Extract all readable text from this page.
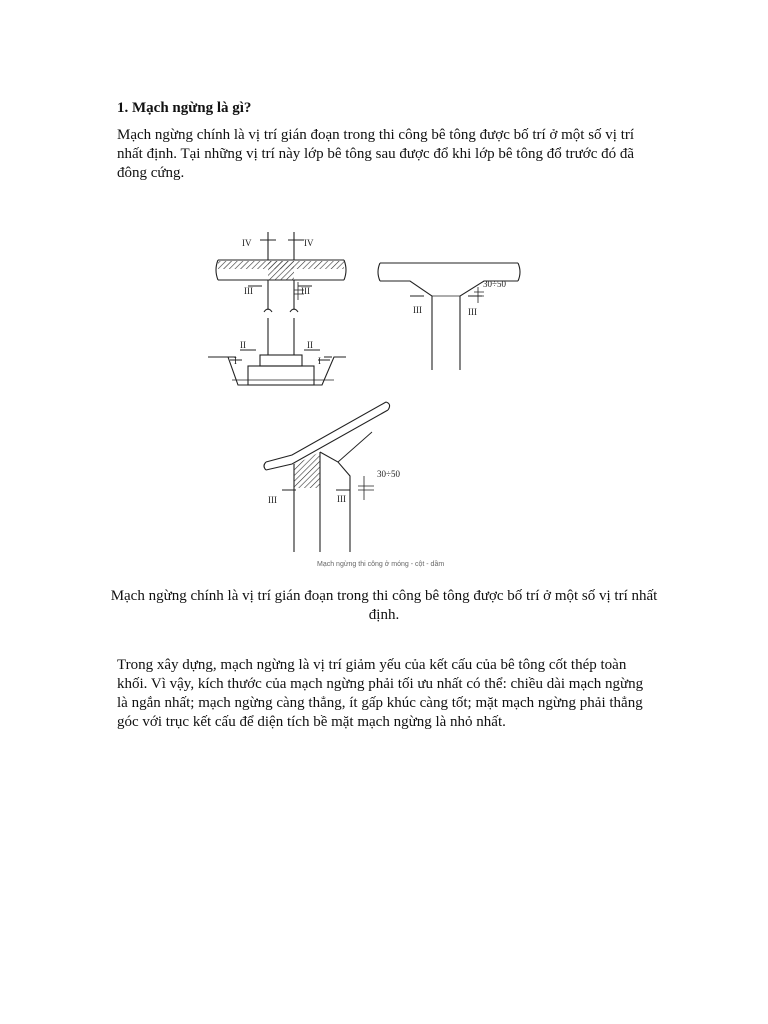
1. Mạch ngừng là gì?

Mạch ngừng chính là vị trí gián đoạn trong thi công bê tông được bố trí ở một số vị trí nhất định. Tại những vị trí này lớp bê tông sau được đổ khi lớp bê tông đổ trước đó đã đông cứng.

IV	IV
III	III
II	II
I	I
III	III
30÷50
III	III
30÷50
Mạch ngừng thi công ở móng - cột - dầm

Mạch ngừng chính là vị trí gián đoạn trong thi công bê tông được bố trí ở một số vị trí nhất định.

Trong xây dựng, mạch ngừng là vị trí giảm yếu của kết cấu của bê tông cốt thép toàn khối. Vì vậy, kích thước của mạch ngừng phải tối ưu nhất có thể: chiều dài mạch ngừng là ngắn nhất; mạch ngừng càng thẳng, ít gấp khúc càng tốt; mặt mạch ngừng phải thẳng góc với trục kết cấu để diện tích bề mặt mạch ngừng là nhỏ nhất.
